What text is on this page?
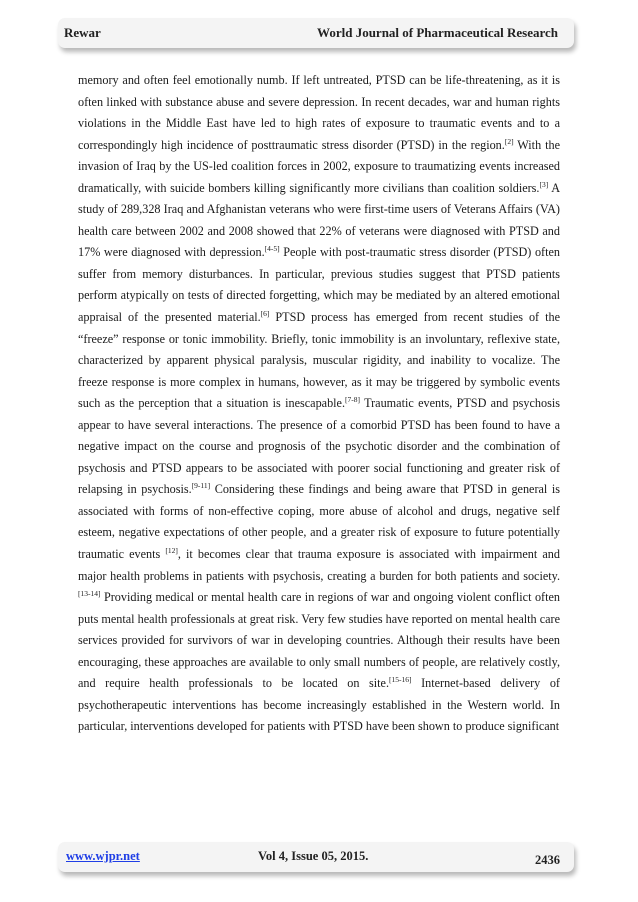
Rewar	World Journal of Pharmaceutical Research

memory and often feel emotionally numb. If left untreated, PTSD can be life-threatening, as it is often linked with substance abuse and severe depression. In recent decades, war and human rights violations in the Middle East have led to high rates of exposure to traumatic events and to a correspondingly high incidence of posttraumatic stress disorder (PTSD) in the region.[2] With the invasion of Iraq by the US-led coalition forces in 2002, exposure to traumatizing events increased dramatically, with suicide bombers killing significantly more civilians than coalition soldiers.[3] A study of 289,328 Iraq and Afghanistan veterans who were first-time users of Veterans Affairs (VA) health care between 2002 and 2008 showed that 22% of veterans were diagnosed with PTSD and 17% were diagnosed with depression.[4-5] People with post-traumatic stress disorder (PTSD) often suffer from memory disturbances. In particular, previous studies suggest that PTSD patients perform atypically on tests of directed forgetting, which may be mediated by an altered emotional appraisal of the presented material.[6] PTSD process has emerged from recent studies of the “freeze” response or tonic immobility. Briefly, tonic immobility is an involuntary, reflexive state, characterized by apparent physical paralysis, muscular rigidity, and inability to vocalize. The freeze response is more complex in humans, however, as it may be triggered by symbolic events such as the perception that a situation is inescapable.[7-8] Traumatic events, PTSD and psychosis appear to have several interactions. The presence of a comorbid PTSD has been found to have a negative impact on the course and prognosis of the psychotic disorder and the combination of psychosis and PTSD appears to be associated with poorer social functioning and greater risk of relapsing in psychosis.[9-11] Considering these findings and being aware that PTSD in general is associated with forms of non-effective coping, more abuse of alcohol and drugs, negative self esteem, negative expectations of other people, and a greater risk of exposure to future potentially traumatic events [12], it becomes clear that trauma exposure is associated with impairment and major health problems in patients with psychosis, creating a burden for both patients and society.[13-14] Providing medical or mental health care in regions of war and ongoing violent conflict often puts mental health professionals at great risk. Very few studies have reported on mental health care services provided for survivors of war in developing countries. Although their results have been encouraging, these approaches are available to only small numbers of people, are relatively costly, and require health professionals to be located on site.[15-16] Internet-based delivery of psychotherapeutic interventions has become increasingly established in the Western world. In particular, interventions developed for patients with PTSD have been shown to produce significant

www.wjpr.net	Vol 4, Issue 05, 2015.	2436
